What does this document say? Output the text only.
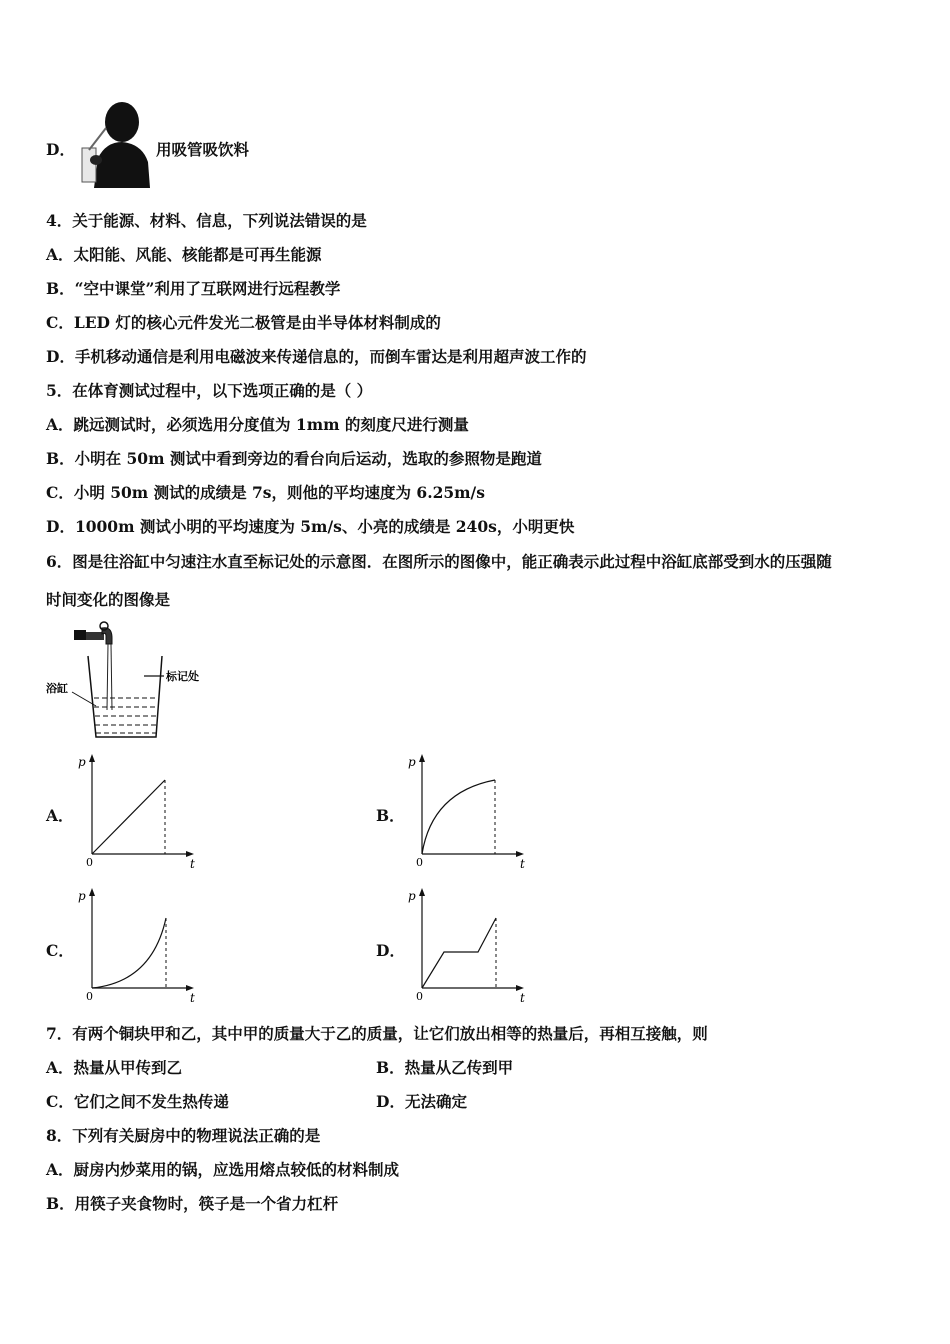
D．	用吸管吸饮料
4．关于能源、材料、信息，下列说法错误的是
A．太阳能、风能、核能都是可再生能源
B．“空中课堂”利用了互联网进行远程教学
C．LED 灯的核心元件发光二极管是由半导体材料制成的
D．手机移动通信是利用电磁波来传递信息的，而倒车雷达是利用超声波工作的
5．在体育测试过程中，以下选项正确的是（ ）
A．跳远测试时，必须选用分度值为 1mm 的刻度尺进行测量
B．小明在 50m 测试中看到旁边的看台向后运动，选取的参照物是跑道
C．小明 50m 测试的成绩是 7s，则他的平均速度为 6.25m/s
D．1000m 测试小明的平均速度为 5m/s、小亮的成绩是 240s，小明更快
6．图是往浴缸中匀速注水直至标记处的示意图．在图所示的图像中，能正确表示此过程中浴缸底部受到水的压强随
时间变化的图像是
浴缸
标记处
A．
p
t
0
B．
p
t
0
C．
p
t
0
D．
p
t
0
7．有两个铜块甲和乙，其中甲的质量大于乙的质量，让它们放出相等的热量后，再相互接触，则
A．热量从甲传到乙	B．热量从乙传到甲
C．它们之间不发生热传递	D．无法确定
8．下列有关厨房中的物理说法正确的是
A．厨房内炒菜用的锅，应选用熔点较低的材料制成
B．用筷子夹食物时，筷子是一个省力杠杆
